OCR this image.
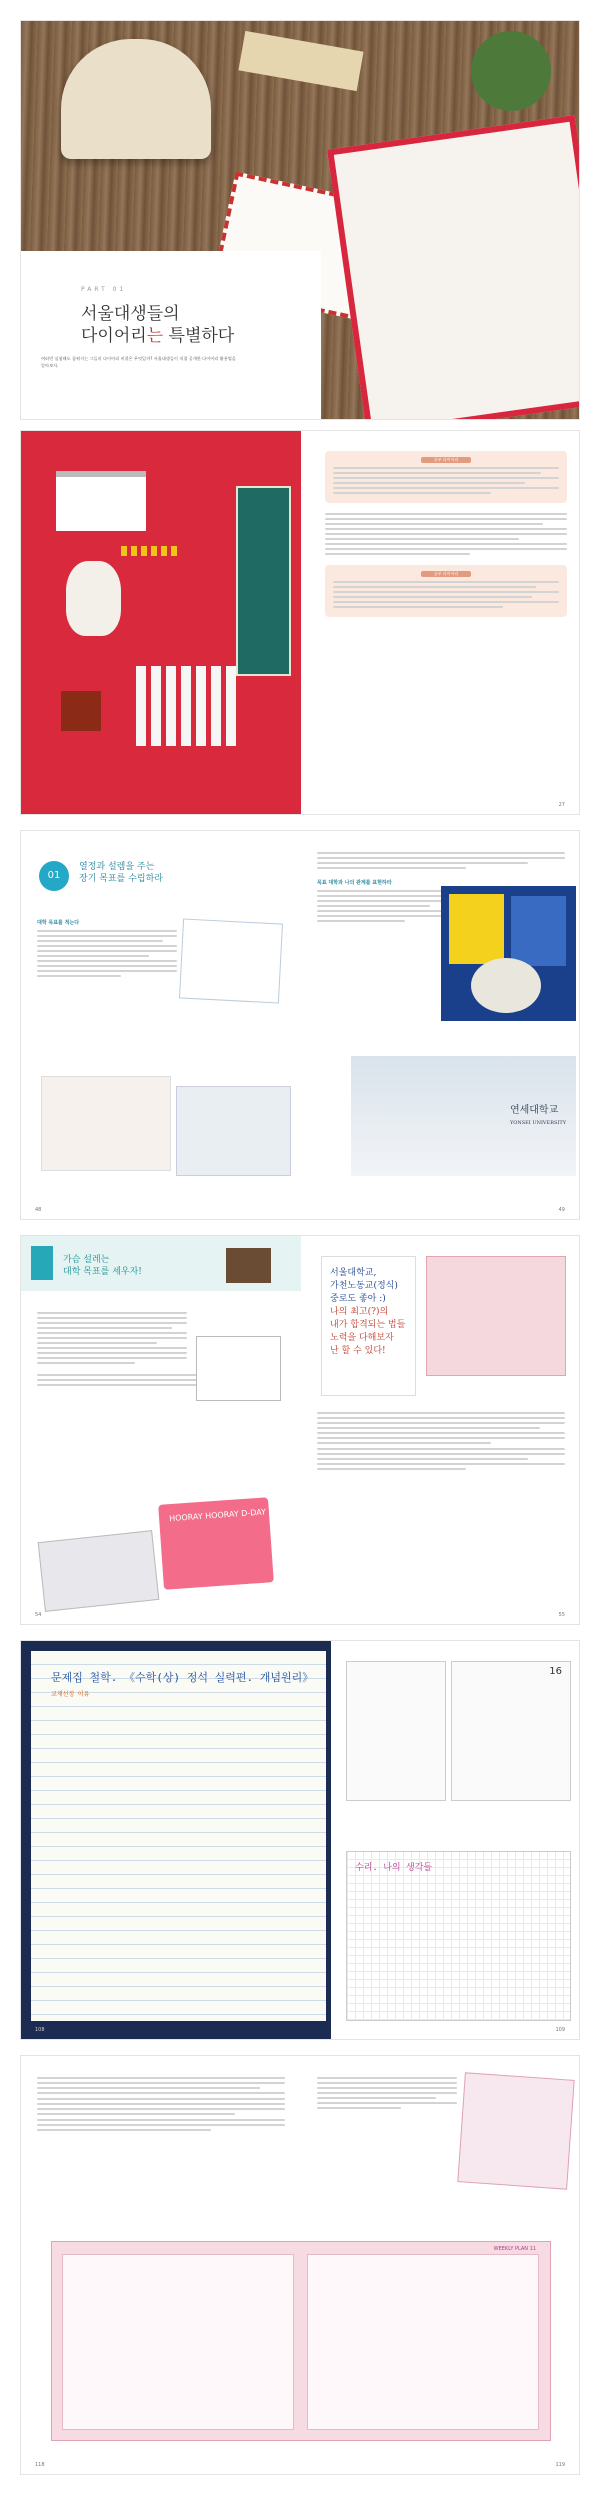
PART 01
서울대생들의
다이어리는 특별하다

여러번 실험해도 꿈꿔지는 그들의 다이어리 비결은 무엇일까? 서울대생들이 직접 공개한 다이어리 활용법을 알아보자.

공부 다이어리
공부 다이어리
27
01
열정과 설렘을 주는
장기 목표를 수립하라
대학 목표를 적는다
목표 대학과 나의 관계를 표현하라
연세대학교
YONSEI UNIVERSITY
48	49
가슴 설레는
대학 목표를 세우자!
HOORAY HOORAY D-DAY
서울대학교,
가천노동교(정식)
중로도 좋아 :)
나의 최고(?)의
내가 합격되는 법들
노력을 다해보자
난 할 수 있다!
54	55
문제집 철학. 《수학(상) 정석 실력편. 개념원리》
교재선정 이유
16
수리. 나의 생각들
108	109
WEEKLY PLAN 11
118	119
